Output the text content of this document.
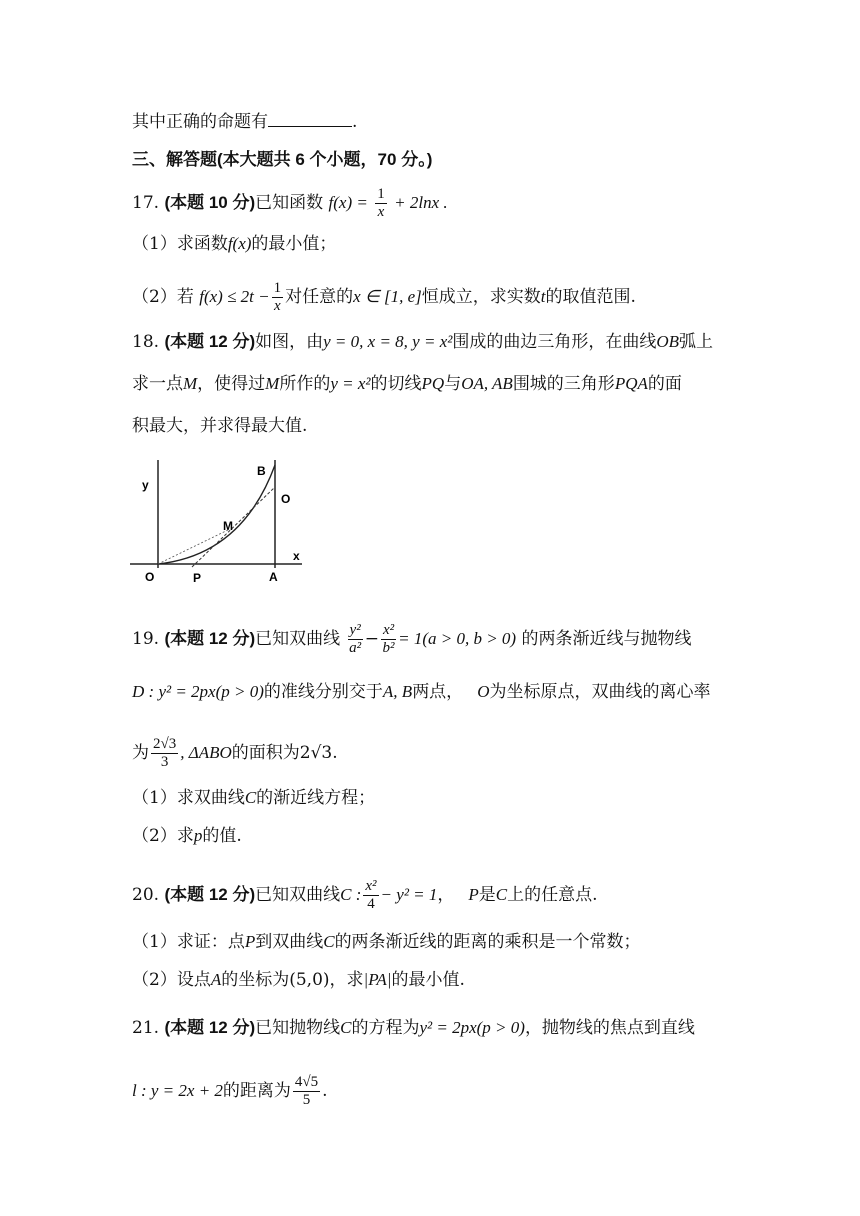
其中正确的命题有	.
三、解答题(本大题共 6 个小题，70 分。)
17. (本题 10 分)已知函数 $f(x) = \frac{1}{x} + 2\ln x$ .
（1）求函数f(x)的最小值；
（2）若 $f(x) \le 2t - \frac{1}{x}$ 对任意的x ∈ [1, e]恒成立，求实数t的取值范围.
18. (本题 12 分)如图，由y = 0, x = 8, y = x²围成的曲边三角形，在曲线OB弧上
求一点M，使得过M所作的y = x²的切线PQ与OA, AB围城的三角形PQA的面
积最大，并求得最大值.
y
x
O	P	A
M
B
O
19. (本题 12 分)已知双曲线 $\frac{\text{y²}}{\text{a²}} - \frac{\text{x²}}{\text{b²}} = 1(a > 0$, b > 0) 的两条渐近线与抛物线
D : y² = 2px(p > 0)的准线分别交于A, B两点， O为坐标原点，双曲线的离心率
为 $\frac{2√3}{3}$ , ΔABO的面积为2√3.
（1）求双曲线C的渐近线方程；
（2）求p的值.
20. (本题 12 分)已知双曲线C : $\frac{\text{x²}}{4} - y^2 = 1$， P是C上的任意点.
（1）求证：点P到双曲线C的两条渐近线的距离的乘积是一个常数；
（2）设点A的坐标为(5,0)，求|PA|的最小值.
21. (本题 12 分)已知抛物线C的方程为y² = 2px(p > 0)，抛物线的焦点到直线
l : y = 2x + 2的距离为 $\frac{4√5}{5}$ .
